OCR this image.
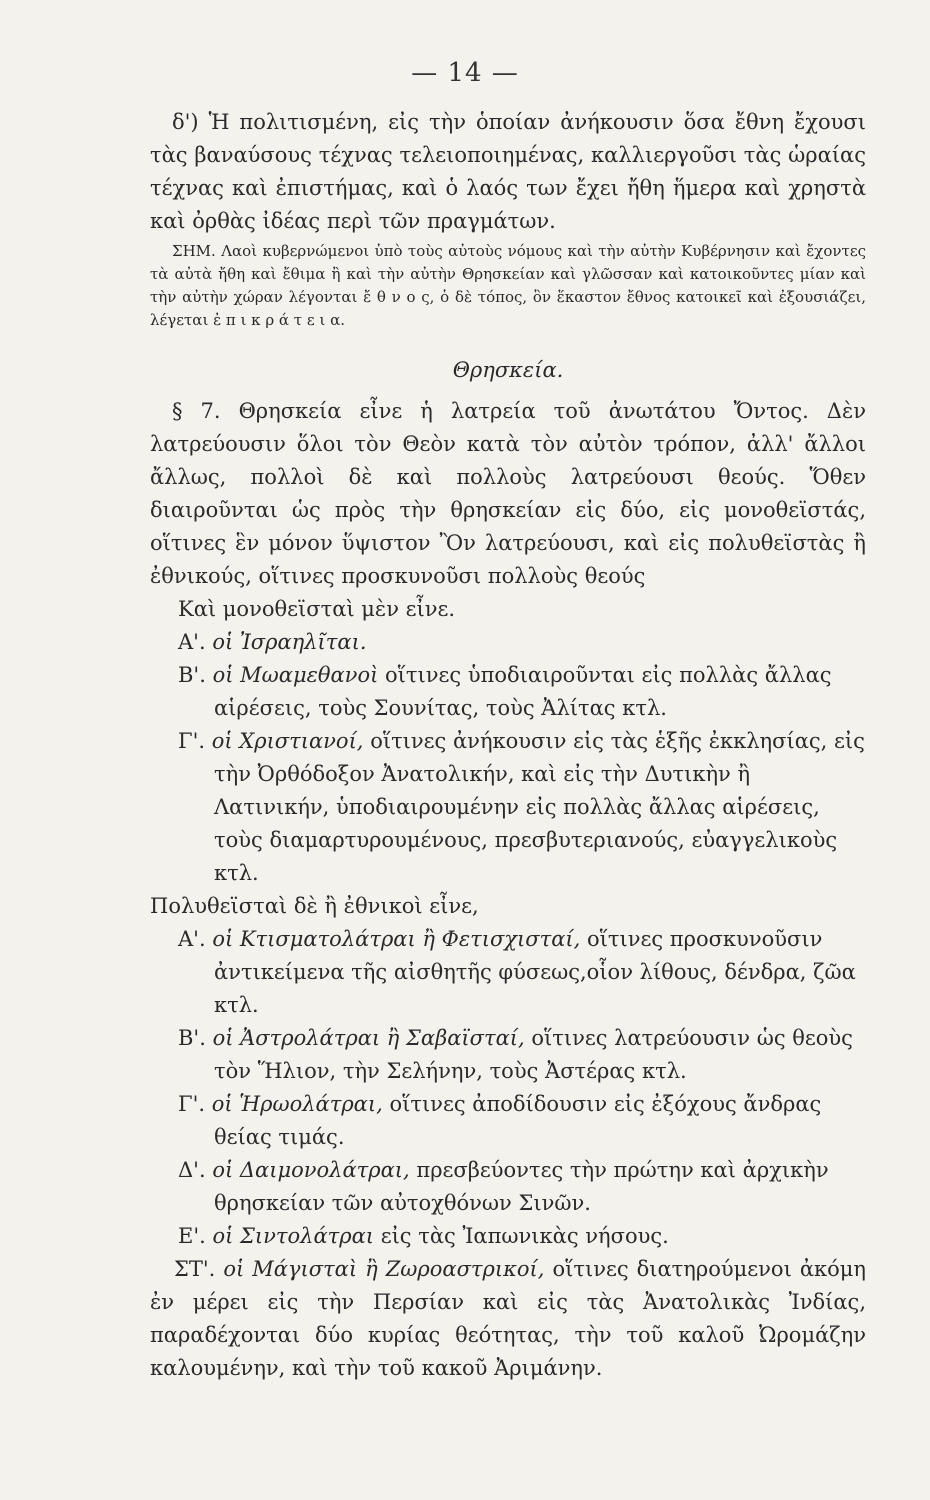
— 14 —

δ') Ἡ πολιτισμένη, εἰς τὴν ὁποίαν ἀνήκουσιν ὅσα ἔθνη ἔχουσι τὰς βαναύσους τέχνας τελειοποιημένας, καλλιεργοῦσι τὰς ὡραίας τέχνας καὶ ἐπιστήμας, καὶ ὁ λαός των ἔχει ἤθη ἥμερα καὶ χρηστὰ καὶ ὀρθὰς ἰδέας περὶ τῶν πραγμάτων.

ΣΗΜ. Λαοὶ κυβερνώμενοι ὑπὸ τοὺς αὐτοὺς νόμους καὶ τὴν αὐτὴν Κυβέρνησιν καὶ ἔχοντες τὰ αὐτὰ ἤθη καὶ ἔθιμα ἢ καὶ τὴν αὐτὴν Θρησκείαν καὶ γλῶσσαν καὶ κατοικοῦντες μίαν καὶ τὴν αὐτὴν χώραν λέγονται ἔ θ ν ο ς, ὁ δὲ τόπος, ὃν ἕκαστον ἔθνος κατοικεῖ καὶ ἐξουσιάζει, λέγεται ἐ π ι κ ρ ά τ ε ι α.

Θρησκεία.

§ 7. Θρησκεία εἶνε ἡ λατρεία τοῦ ἀνωτάτου Ὄντος. Δὲν λατρεύουσιν ὅλοι τὸν Θεὸν κατὰ τὸν αὐτὸν τρόπον, ἀλλ' ἄλλοι ἄλλως, πολλοὶ δὲ καὶ πολλοὺς λατρεύουσι θεούς. Ὅθεν διαιροῦνται ὡς πρὸς τὴν θρησκείαν εἰς δύο, εἰς μονοθεϊστάς, οἵτινες ἓν μόνον ὕψιστον Ὂν λατρεύουσι, καὶ εἰς πολυθεϊστὰς ἢ ἐθνικούς, οἵτινες προσκυνοῦσι πολλοὺς θεούς

Καὶ μονοθεϊσταὶ μὲν εἶνε.

Α'. οἱ Ἰσραηλῖται.

Β'. οἱ Μωαμεθανοὶ οἵτινες ὑποδιαιροῦνται εἰς πολλὰς ἄλλας αἱρέσεις, τοὺς Σουνίτας, τοὺς Ἀλίτας κτλ.

Γ'. οἱ Χριστιανοί, οἵτινες ἀνήκουσιν εἰς τὰς ἑξῆς ἐκκλησίας, εἰς τὴν Ὀρθόδοξον Ἀνατολικήν, καὶ εἰς τὴν Δυτικὴν ἢ Λατινικήν, ὑποδιαιρουμένην εἰς πολλὰς ἄλλας αἱρέσεις, τοὺς διαμαρτυρουμένους, πρεσβυτεριανούς, εὐαγγελικοὺς κτλ.

Πολυθεϊσταὶ δὲ ἢ ἐθνικοὶ εἶνε,

Α'. οἱ Κτισματολάτραι ἢ Φετισχισταί, οἵτινες προσκυνοῦσιν ἀντικείμενα τῆς αἰσθητῆς φύσεως,οἷον λίθους, δένδρα, ζῶα κτλ.

Β'. οἱ Ἀστρολάτραι ἢ Σαβαϊσταί, οἵτινες λατρεύουσιν ὡς θεοὺς τὸν Ἥλιον, τὴν Σελήνην, τοὺς Ἀστέρας κτλ.

Γ'. οἱ Ἡρωολάτραι, οἵτινες ἀποδίδουσιν εἰς ἐξόχους ἄνδρας θείας τιμάς.

Δ'. οἱ Δαιμονολάτραι, πρεσβεύοντες τὴν πρώτην καὶ ἀρχικὴν θρησκείαν τῶν αὐτοχθόνων Σινῶν.

Ε'. οἱ Σιντολάτραι εἰς τὰς Ἰαπωνικὰς νήσους.

ΣΤ'. οἱ Μάγισταὶ ἢ Ζωροαστρικοί, οἵτινες διατηρούμενοι ἀκόμη ἐν μέρει εἰς τὴν Περσίαν καὶ εἰς τὰς Ἀνατολικὰς Ἰνδίας, παραδέχονται δύο κυρίας θεότητας, τὴν τοῦ καλοῦ Ὠρομάζην καλουμένην, καὶ τὴν τοῦ κακοῦ Ἀριμάνην.
